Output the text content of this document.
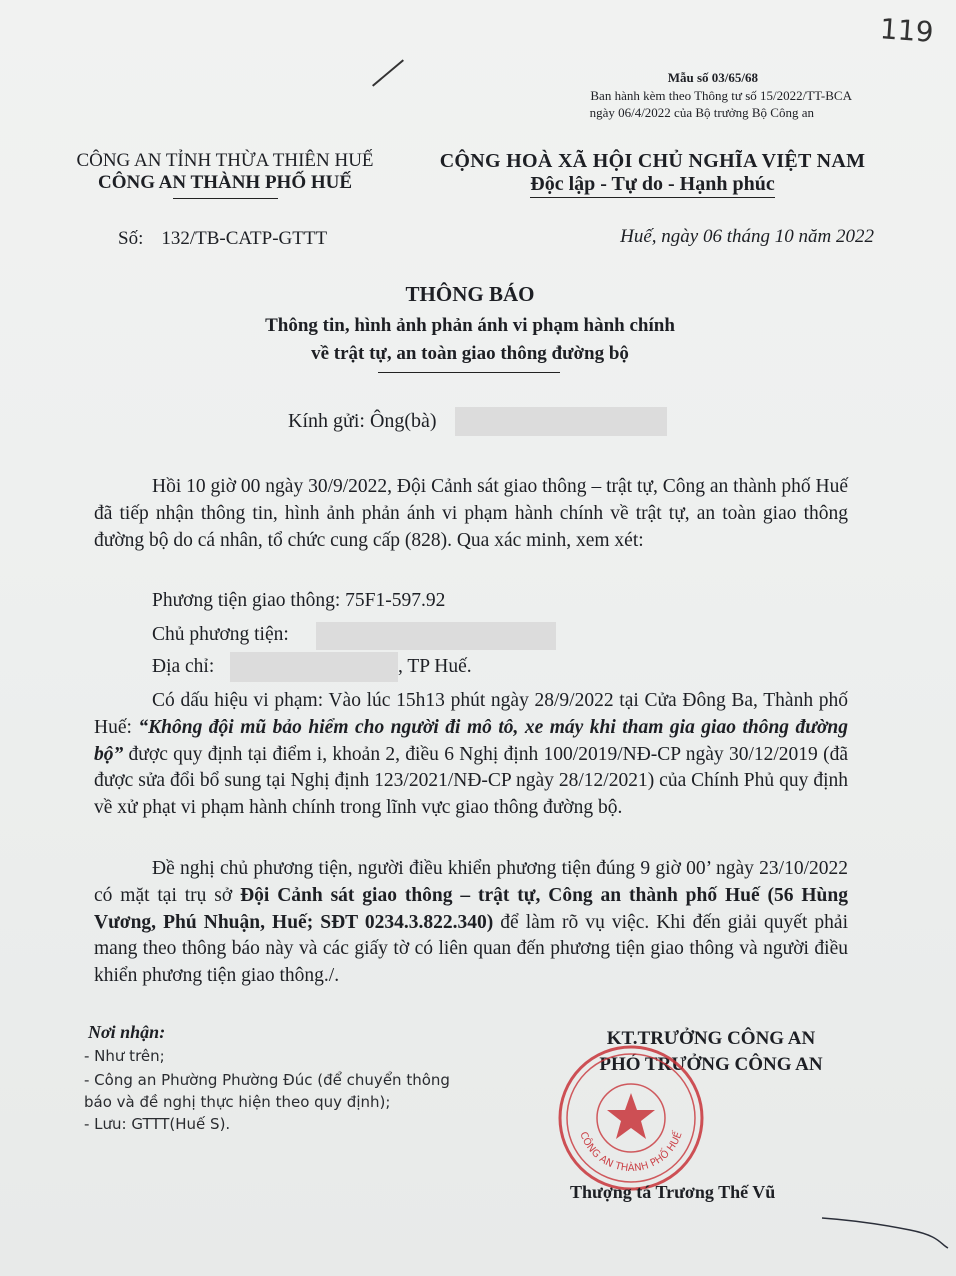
119
Mẫu số 03/65/68
Ban hành kèm theo Thông tư số 15/2022/TT-BCA
ngày 06/4/2022 của Bộ trưởng Bộ Công an
CÔNG AN TỈNH THỪA THIÊN HUẾ
CÔNG AN THÀNH PHỐ HUẾ
CỘNG HOÀ XÃ HỘI CHỦ NGHĨA VIỆT NAM
Độc lập - Tự do - Hạnh phúc
Số: 132/TB-CATP-GTTT	Huế, ngày 06 tháng 10 năm 2022
THÔNG BÁO
Thông tin, hình ảnh phản ánh vi phạm hành chính
về trật tự, an toàn giao thông đường bộ
Kính gửi: Ông(bà)
Hồi 10 giờ 00 ngày 30/9/2022, Đội Cảnh sát giao thông – trật tự, Công an thành phố Huế đã tiếp nhận thông tin, hình ảnh phản ánh vi phạm hành chính về trật tự, an toàn giao thông đường bộ do cá nhân, tổ chức cung cấp (828). Qua xác minh, xem xét:
Phương tiện giao thông: 75F1-597.92
Chủ phương tiện:
Địa chỉ:	, TP Huế.
Có dấu hiệu vi phạm: Vào lúc 15h13 phút ngày 28/9/2022 tại Cửa Đông Ba, Thành phố Huế: “Không đội mũ bảo hiểm cho người đi mô tô, xe máy khi tham gia giao thông đường bộ” được quy định tại điểm i, khoản 2, điều 6 Nghị định 100/2019/NĐ-CP ngày 30/12/2019 (đã được sửa đổi bổ sung tại Nghị định 123/2021/NĐ-CP ngày 28/12/2021) của Chính Phủ quy định về xử phạt vi phạm hành chính trong lĩnh vực giao thông đường bộ.
Đề nghị chủ phương tiện, người điều khiển phương tiện đúng 9 giờ 00’ ngày 23/10/2022 có mặt tại trụ sở Đội Cảnh sát giao thông – trật tự, Công an thành phố Huế (56 Hùng Vương, Phú Nhuận, Huế; SĐT 0234.3.822.340) để làm rõ vụ việc. Khi đến giải quyết phải mang theo thông báo này và các giấy tờ có liên quan đến phương tiện giao thông và người điều khiển phương tiện giao thông./.
Nơi nhận:
- Như trên;
- Công an Phường Phường Đúc (để chuyển thông
báo và đề nghị thực hiện theo quy định);
- Lưu: GTTT(Huế S).
KT.TRƯỞNG CÔNG AN
PHÓ TRƯỞNG CÔNG AN
CÔNG AN THÀNH PHỐ HUẾ
Thượng tá Trương Thế Vũ
